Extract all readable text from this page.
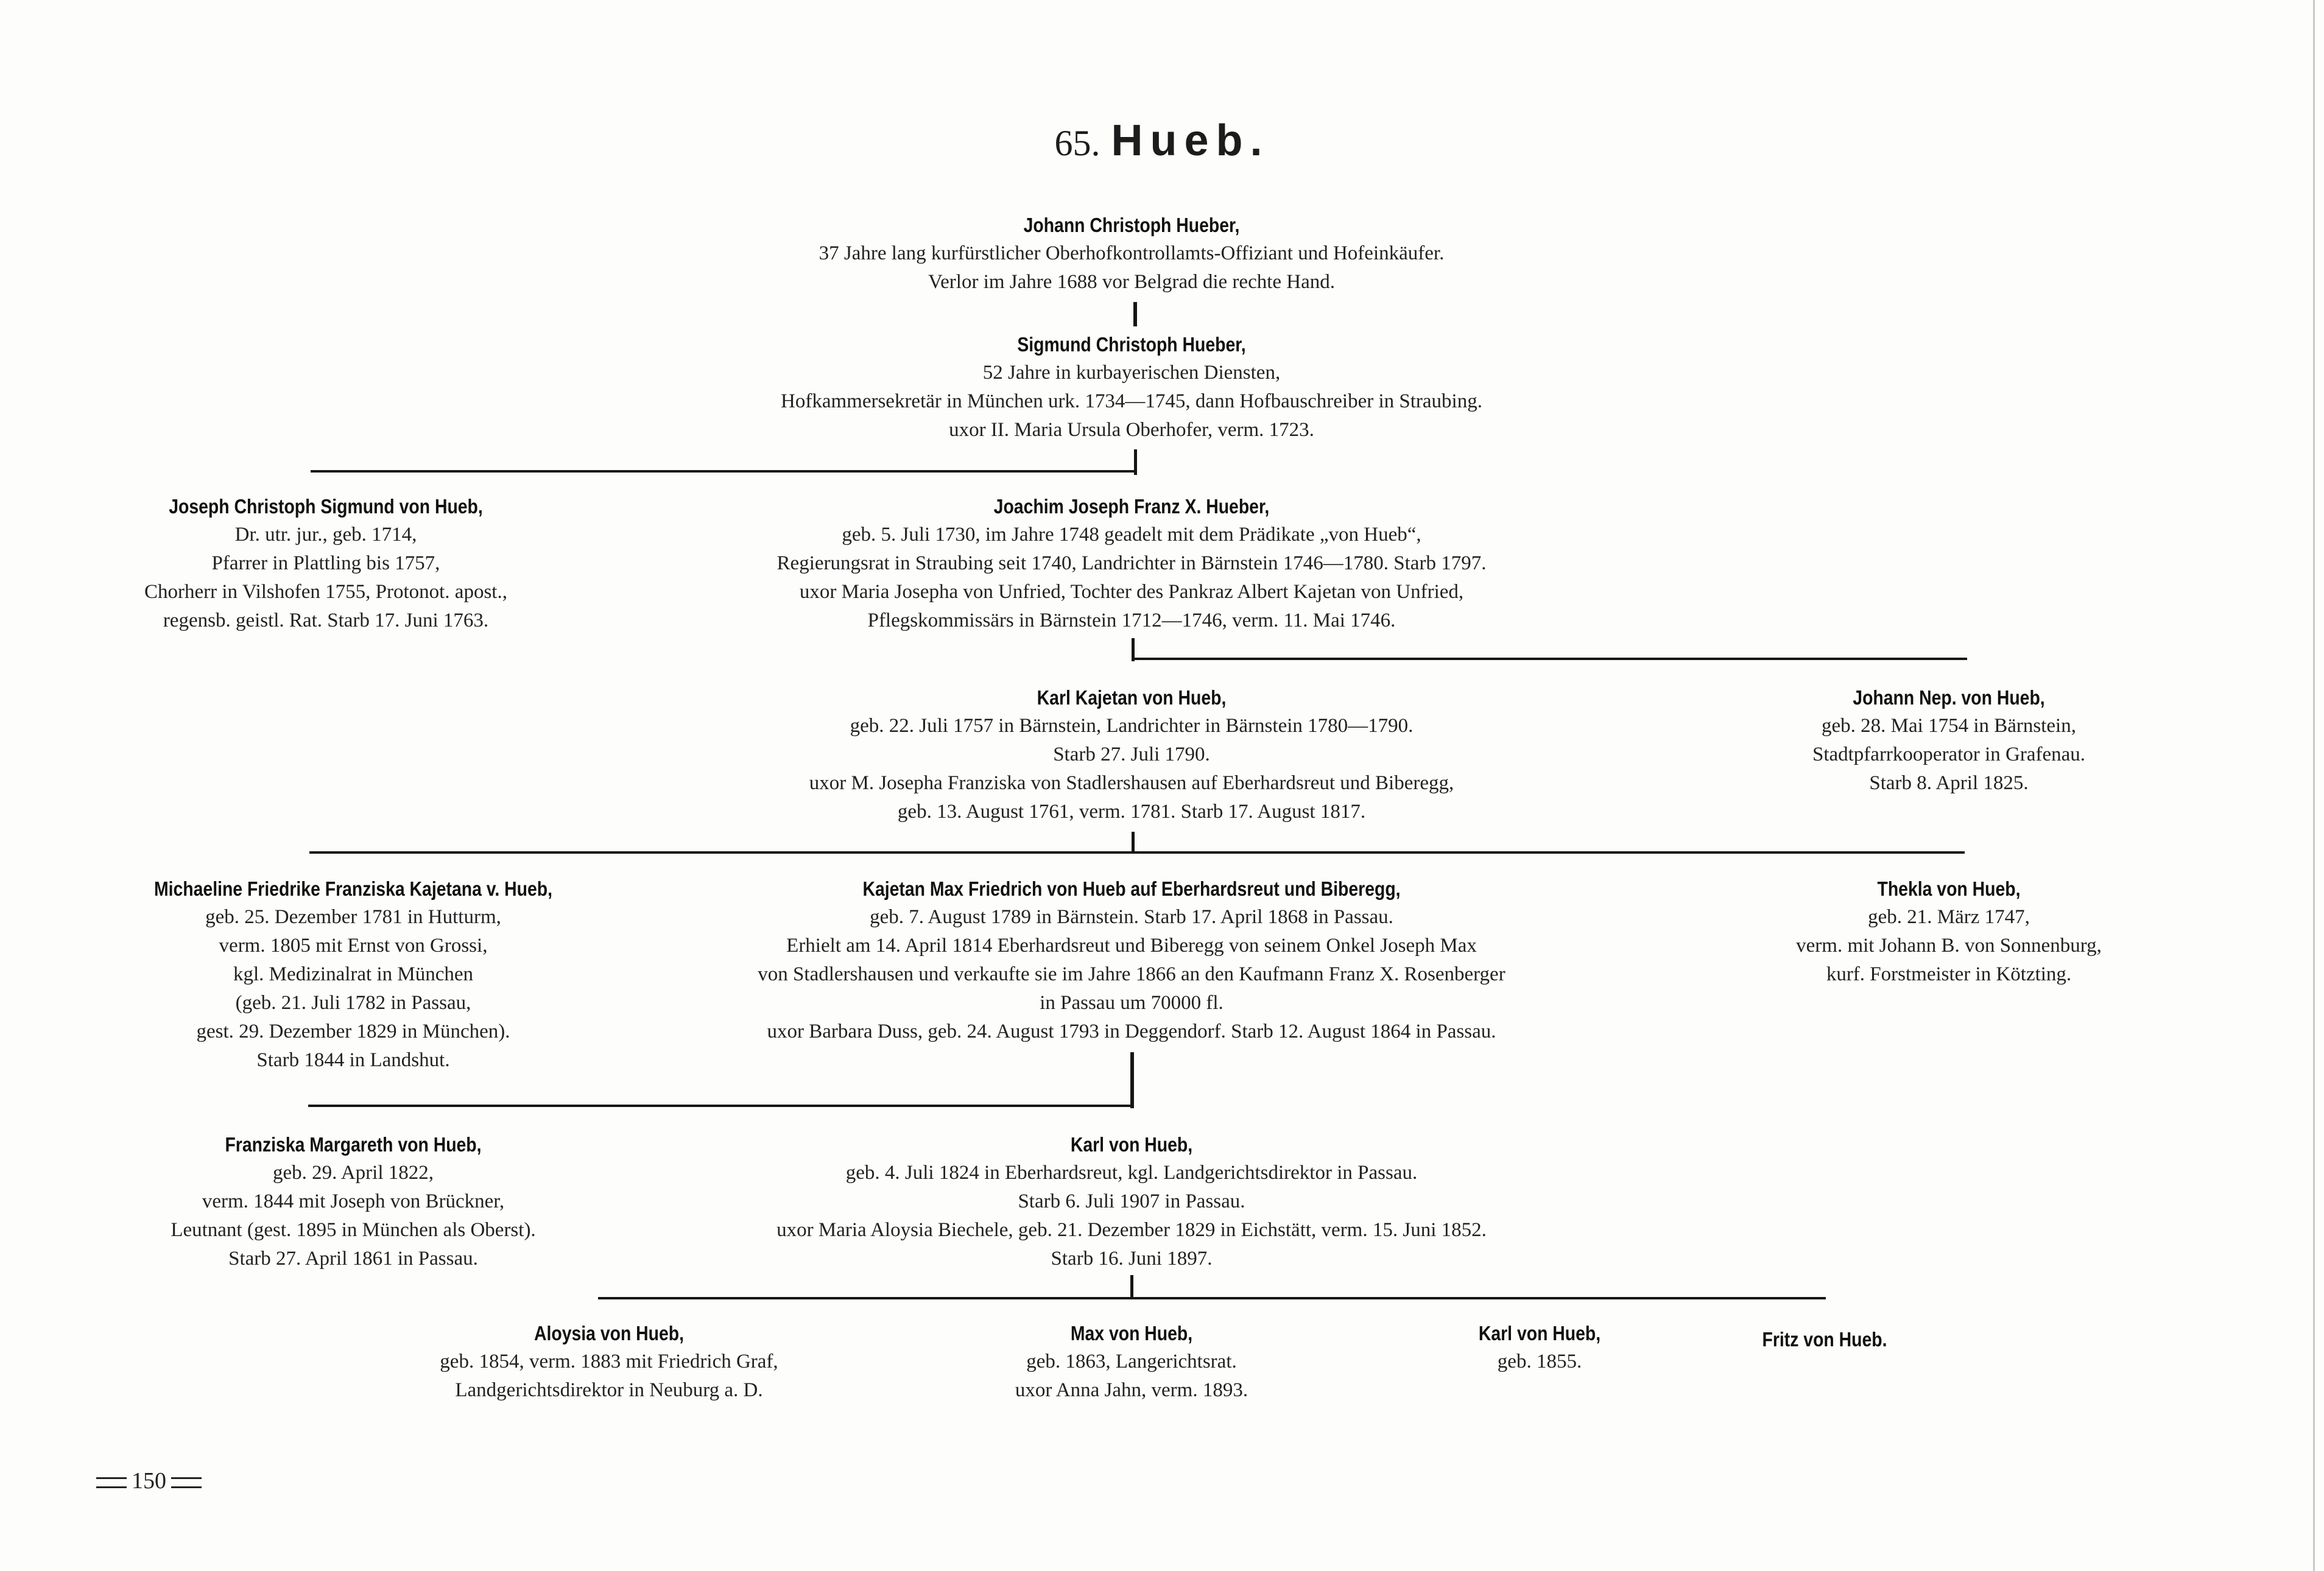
65. Hueb.
Johann Christoph Hueber,
37 Jahre lang kurfürstlicher Oberhofkontrollamts-Offiziant und Hofeinkäufer.
Verlor im Jahre 1688 vor Belgrad die rechte Hand.
Sigmund Christoph Hueber,
52 Jahre in kurbayerischen Diensten,
Hofkammersekretär in München urk. 1734—1745, dann Hofbauschreiber in Straubing.
uxor II. Maria Ursula Oberhofer, verm. 1723.
Joseph Christoph Sigmund von Hueb,
Dr. utr. jur., geb. 1714,
Pfarrer in Plattling bis 1757,
Chorherr in Vilshofen 1755, Protonot. apost.,
regensb. geistl. Rat. Starb 17. Juni 1763.
Joachim Joseph Franz X. Hueber,
geb. 5. Juli 1730, im Jahre 1748 geadelt mit dem Prädikate „von Hueb“,
Regierungsrat in Straubing seit 1740, Landrichter in Bärnstein 1746—1780. Starb 1797.
uxor Maria Josepha von Unfried, Tochter des Pankraz Albert Kajetan von Unfried,
Pflegskommissärs in Bärnstein 1712—1746, verm. 11. Mai 1746.
Karl Kajetan von Hueb,
geb. 22. Juli 1757 in Bärnstein, Landrichter in Bärnstein 1780—1790.
Starb 27. Juli 1790.
uxor M. Josepha Franziska von Stadlershausen auf Eberhardsreut und Biberegg,
geb. 13. August 1761, verm. 1781. Starb 17. August 1817.
Johann Nep. von Hueb,
geb. 28. Mai 1754 in Bärnstein,
Stadtpfarrkooperator in Grafenau.
Starb 8. April 1825.
Michaeline Friedrike Franziska Kajetana v. Hueb,
geb. 25. Dezember 1781 in Hutturm,
verm. 1805 mit Ernst von Grossi,
kgl. Medizinalrat in München
(geb. 21. Juli 1782 in Passau,
gest. 29. Dezember 1829 in München).
Starb 1844 in Landshut.
Kajetan Max Friedrich von Hueb auf Eberhardsreut und Biberegg,
geb. 7. August 1789 in Bärnstein. Starb 17. April 1868 in Passau.
Erhielt am 14. April 1814 Eberhardsreut und Biberegg von seinem Onkel Joseph Max
von Stadlershausen und verkaufte sie im Jahre 1866 an den Kaufmann Franz X. Rosenberger
in Passau um 70000 fl.
uxor Barbara Duss, geb. 24. August 1793 in Deggendorf. Starb 12. August 1864 in Passau.
Thekla von Hueb,
geb. 21. März 1747,
verm. mit Johann B. von Sonnenburg,
kurf. Forstmeister in Kötzting.
Franziska Margareth von Hueb,
geb. 29. April 1822,
verm. 1844 mit Joseph von Brückner,
Leutnant (gest. 1895 in München als Oberst).
Starb 27. April 1861 in Passau.
Karl von Hueb,
geb. 4. Juli 1824 in Eberhardsreut, kgl. Landgerichtsdirektor in Passau.
Starb 6. Juli 1907 in Passau.
uxor Maria Aloysia Biechele, geb. 21. Dezember 1829 in Eichstätt, verm. 15. Juni 1852.
Starb 16. Juni 1897.
Aloysia von Hueb,
geb. 1854, verm. 1883 mit Friedrich Graf,
Landgerichtsdirektor in Neuburg a. D.
Max von Hueb,
geb. 1863, Langerichtsrat.
uxor Anna Jahn, verm. 1893.
Karl von Hueb,
geb. 1855.
Fritz von Hueb.
150
